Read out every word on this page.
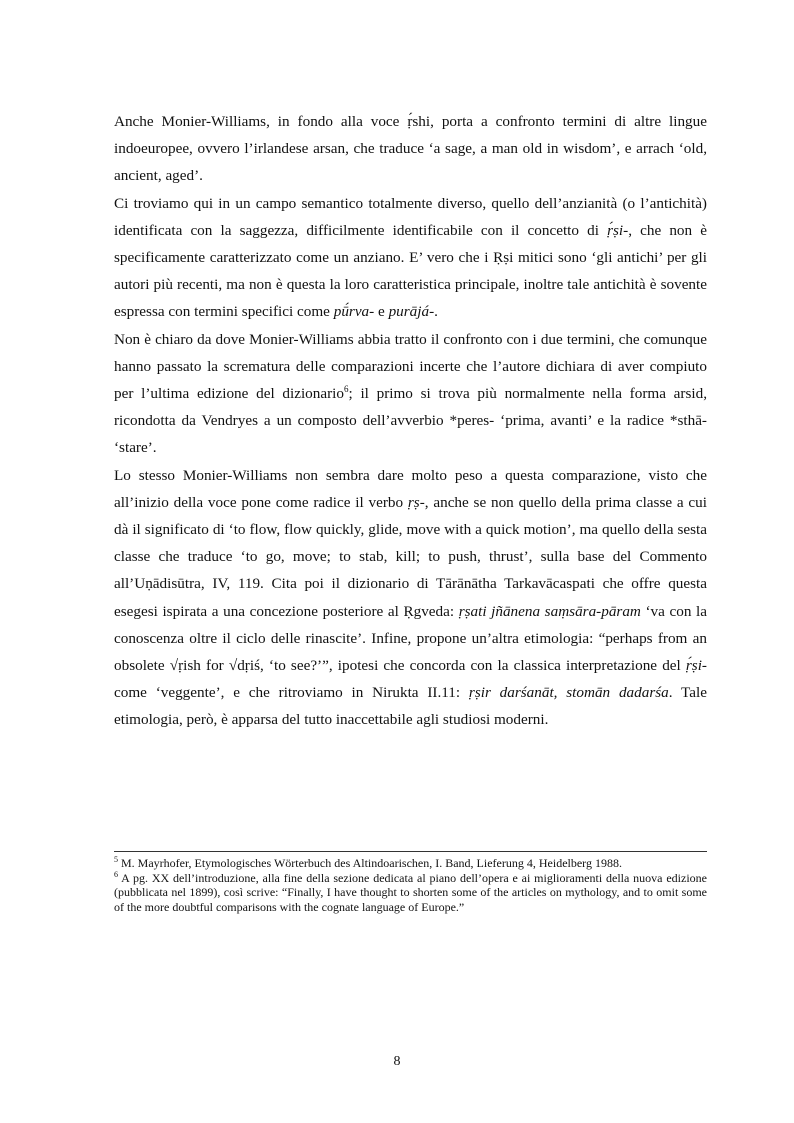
Anche Monier-Williams, in fondo alla voce ṛ́shi, porta a confronto termini di altre lingue indoeuropee, ovvero l’irlandese arsan, che traduce ‘a sage, a man old in wisdom’, e arrach ‘old, ancient, aged’.

Ci troviamo qui in un campo semantico totalmente diverso, quello dell’anzianità (o l’antichità) identificata con la saggezza, difficilmente identificabile con il concetto di ṛ́ṣi-, che non è specificamente caratterizzato come un anziano. E’ vero che i Ṛṣi mitici sono ‘gli antichi’ per gli autori più recenti, ma non è questa la loro caratteristica principale, inoltre tale antichità è sovente espressa con termini specifici come pū́rva- e purājá-.

Non è chiaro da dove Monier-Williams abbia tratto il confronto con i due termini, che comunque hanno passato la scrematura delle comparazioni incerte che l’autore dichiara di aver compiuto per l’ultima edizione del dizionario$^6$; il primo si trova più normalmente nella forma arsid, ricondotta da Vendryes a un composto dell’avverbio *peres- ‘prima, avanti’ e la radice *sthā- ‘stare’.

Lo stesso Monier-Williams non sembra dare molto peso a questa comparazione, visto che all’inizio della voce pone come radice il verbo ṛṣ-, anche se non quello della prima classe a cui dà il significato di ‘to flow, flow quickly, glide, move with a quick motion’, ma quello della sesta classe che traduce ‘to go, move; to stab, kill; to push, thrust’, sulla base del Commento all’Uṇādisūtra, IV, 119. Cita poi il dizionario di Tārānātha Tarkavācaspati che offre questa esegesi ispirata a una concezione posteriore al Ṛgveda: ṛṣati jñānena saṃsāra-pāram ‘va con la conoscenza oltre il ciclo delle rinascite’. Infine, propone un’altra etimologia: “perhaps from an obsolete √ṛish for √dṛiś, ‘to see?’”, ipotesi che concorda con la classica interpretazione del ṛ́ṣi- come ‘veggente’, e che ritroviamo in Nirukta II.11: ṛṣir darśanāt, stomān dadarśa. Tale etimologia, però, è apparsa del tutto inaccettabile agli studiosi moderni.

$^5$ M. Mayrhofer, Etymologisches Wörterbuch des Altindoarischen, I. Band, Lieferung 4, Heidelberg 1988.

$^6$ A pg. XX dell’introduzione, alla fine della sezione dedicata al piano dell’opera e ai miglioramenti della nuova edizione (pubblicata nel 1899), così scrive: “Finally, I have thought to shorten some of the articles on mythology, and to omit some of the more doubtful comparisons with the cognate language of Europe.”

8
